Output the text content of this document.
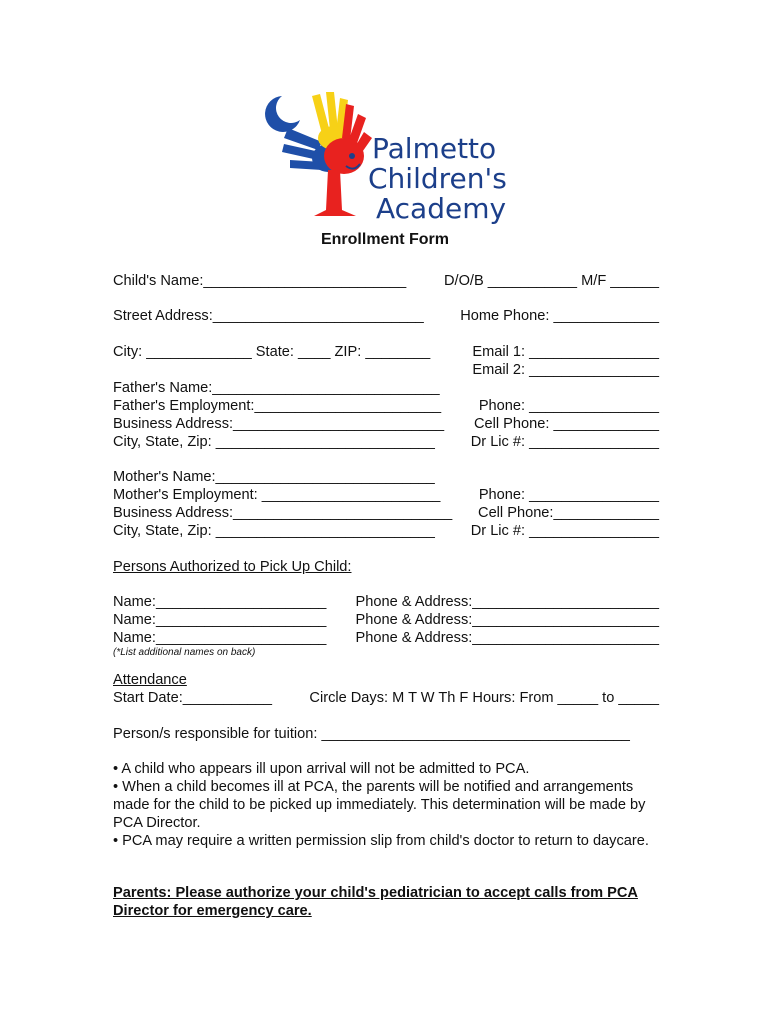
Palmetto
Children's
Academy
Enrollment Form
Child's Name:_________________________	D/O/B ___________ M/F ______
Street Address:__________________________ Home Phone: _____________
City: _____________ State: ____ ZIP: ________	Email 1: ________________
Email 2: ________________
Father's Name:____________________________
Father's Employment:_______________________	Phone: ________________
Business Address:__________________________ Cell Phone: _____________
City, State, Zip: ___________________________ Dr Lic #: ________________
Mother's Name:___________________________
Mother's Employment: ______________________	Phone: ________________
Business Address:___________________________ Cell Phone:_____________
City, State, Zip: ___________________________ Dr Lic #: ________________
Persons Authorized to Pick Up Child:
Name:_____________________ Phone & Address:_______________________
Name:_____________________ Phone & Address:_______________________
Name:_____________________ Phone & Address:_______________________
(*List additional names on back)
Attendance
Start Date:___________	Circle Days: M T W Th F Hours: From _____ to _____
Person/s responsible for tuition: ______________________________________
• A child who appears ill upon arrival will not be admitted to PCA.
• When a child becomes ill at PCA, the parents will be notified and arrangements made for the child to be picked up immediately. This determination will be made by PCA Director.
• PCA may require a written permission slip from child's doctor to return to daycare.
Parents: Please authorize your child's pediatrician to accept calls from PCA Director for emergency care.
